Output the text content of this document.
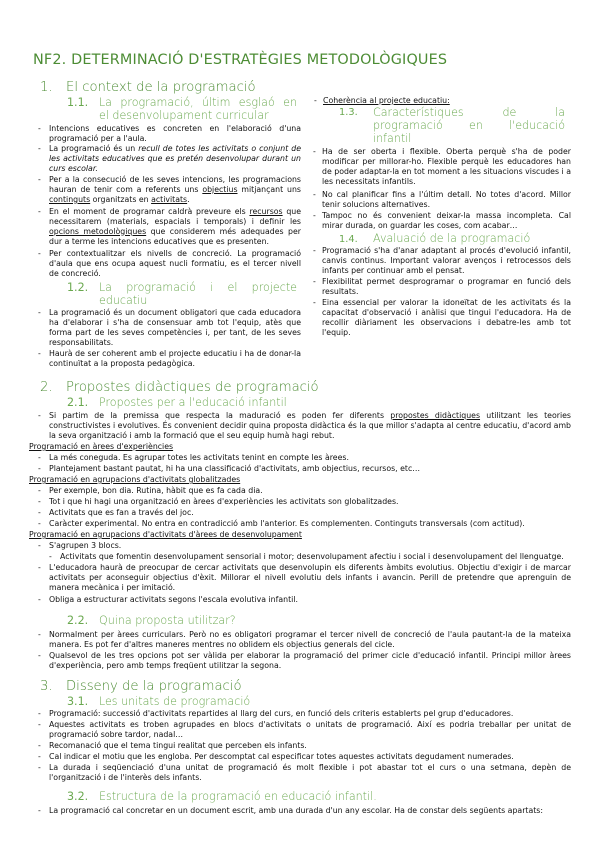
NF2. DETERMINACIÓ D'ESTRATÈGIES METODOLÒGIQUES
1. El context de la programació
1.1. La programació, últim esglaó en
el desenvolupament curricular
- Intencions educatives es concreten en l'elaboració d'una programació per a l'aula.
- La programació és un recull de totes les activitats o conjunt de les activitats educatives que es pretén desenvolupar durant un curs escolar.
- Per a la consecució de les seves intencions, les programacions hauran de tenir com a referents uns objectius mitjançant uns continguts organitzats en activitats.
- En el moment de programar caldrà preveure els recursos que necessitarem (materials, espacials i temporals) i definir les opcions metodològiques que considerem més adequades per dur a terme les intencions educatives que es presenten.
- Per contextualitzar els nivells de concreció. La programació d'aula que ens ocupa aquest nucli formatiu, es el tercer nivell de concreció.
1.2. La programació i el projecte
educatiu
- La programació és un document obligatori que cada educadora ha d'elaborar i s'ha de consensuar amb tot l'equip, atès que forma part de les seves competències i, per tant, de les seves responsabilitats.
- Haurà de ser coherent amb el projecte educatiu i ha de donar-la continuïtat a la proposta pedagògica.
- Coherència al projecte educatiu:
1.3. Característiques de la
programació en l'educació
infantil
- Ha de ser oberta i flexible. Oberta perquè s'ha de poder modificar per millorar-ho. Flexible perquè les educadores han de poder adaptar-la en tot moment a les situacions viscudes i a les necessitats infantils.
- No cal planificar fins a l'últim detall. No totes d'acord. Millor tenir solucions alternatives.
- Tampoc no és convenient deixar-la massa incompleta. Cal mirar durada, on guardar les coses, com acabar…
1.4. Avaluació de la programació
- Programació s'ha d'anar adaptant al procés d'evolució infantil, canvis continus. Important valorar avenços i retrocessos dels infants per continuar amb el pensat.
- Flexibilitat permet desprogramar o programar en funció dels resultats.
- Eina essencial per valorar la idoneïtat de les activitats és la capacitat d'observació i anàlisi que tingui l'educadora. Ha de recollir diàriament les observacions i debatre-les amb tot l'equip.
2. Propostes didàctiques de programació
2.1. Propostes per a l'educació infantil
- Si partim de la premissa que respecta la maduració es poden fer diferents propostes didàctiques utilitzant les teories constructivistes i evolutives. És convenient decidir quina proposta didàctica és la que millor s'adapta al centre educatiu, d'acord amb la seva organització i amb la formació que el seu equip humà hagi rebut.
Programació en àrees d'experiències
- La més coneguda. Es agrupar totes les activitats tenint en compte les àrees.
- Plantejament bastant pautat, hi ha una classificació d'activitats, amb objectius, recursos, etc…
Programació en agrupacions d'activitats globalitzades
- Per exemple, bon dia. Rutina, hàbit que es fa cada dia.
- Tot i que hi hagi una organització en àrees d'experiències les activitats son globalitzades.
- Activitats que es fan a través del joc.
- Caràcter experimental. No entra en contradicció amb l'anterior. Es complementen. Continguts transversals (com actitud).
Programació en agrupacions d'activitats d'àrees de desenvolupament
- S'agrupen 3 blocs.
- Activitats que fomentin desenvolupament sensorial i motor; desenvolupament afectiu i social i desenvolupament del llenguatge.
- L'educadora haurà de preocupar de cercar activitats que desenvolupin els diferents àmbits evolutius. Objectiu d'exigir i de marcar activitats per aconseguir objectius d'èxit. Millorar el nivell evolutiu dels infants i avancin. Perill de pretendre que aprenguin de manera mecànica i per imitació.
- Obliga a estructurar activitats segons l'escala evolutiva infantil.
2.2. Quina proposta utilitzar?
- Normalment per àrees curriculars. Però no es obligatori programar el tercer nivell de concreció de l'aula pautant-la de la mateixa manera. Es pot fer d'altres maneres mentres no oblidem els objectius generals del cicle.
- Qualsevol de les tres opcions pot ser vàlida per elaborar la programació del primer cicle d'educació infantil. Principi millor àrees d'experiència, pero amb temps freqüent utilitzar la segona.
3. Disseny de la programació
3.1. Les unitats de programació
- Programació: successió d'activitats repartides al llarg del curs, en funció dels criteris establerts pel grup d'educadores.
- Aquestes activitats es troben agrupades en blocs d'activitats o unitats de programació. Així es podria treballar per unitat de programació sobre tardor, nadal…
- Recomanació que el tema tingui realitat que perceben els infants.
- Cal indicar el motiu que les engloba. Per descomptat cal especificar totes aquestes activitats degudament numerades.
- La durada i seqüenciació d'una unitat de programació és molt flexible i pot abastar tot el curs o una setmana, depèn de l'organització i de l'interès dels infants.
3.2. Estructura de la programació en educació infantil.
- La programació cal concretar en un document escrit, amb una durada d'un any escolar. Ha de constar dels següents apartats:
